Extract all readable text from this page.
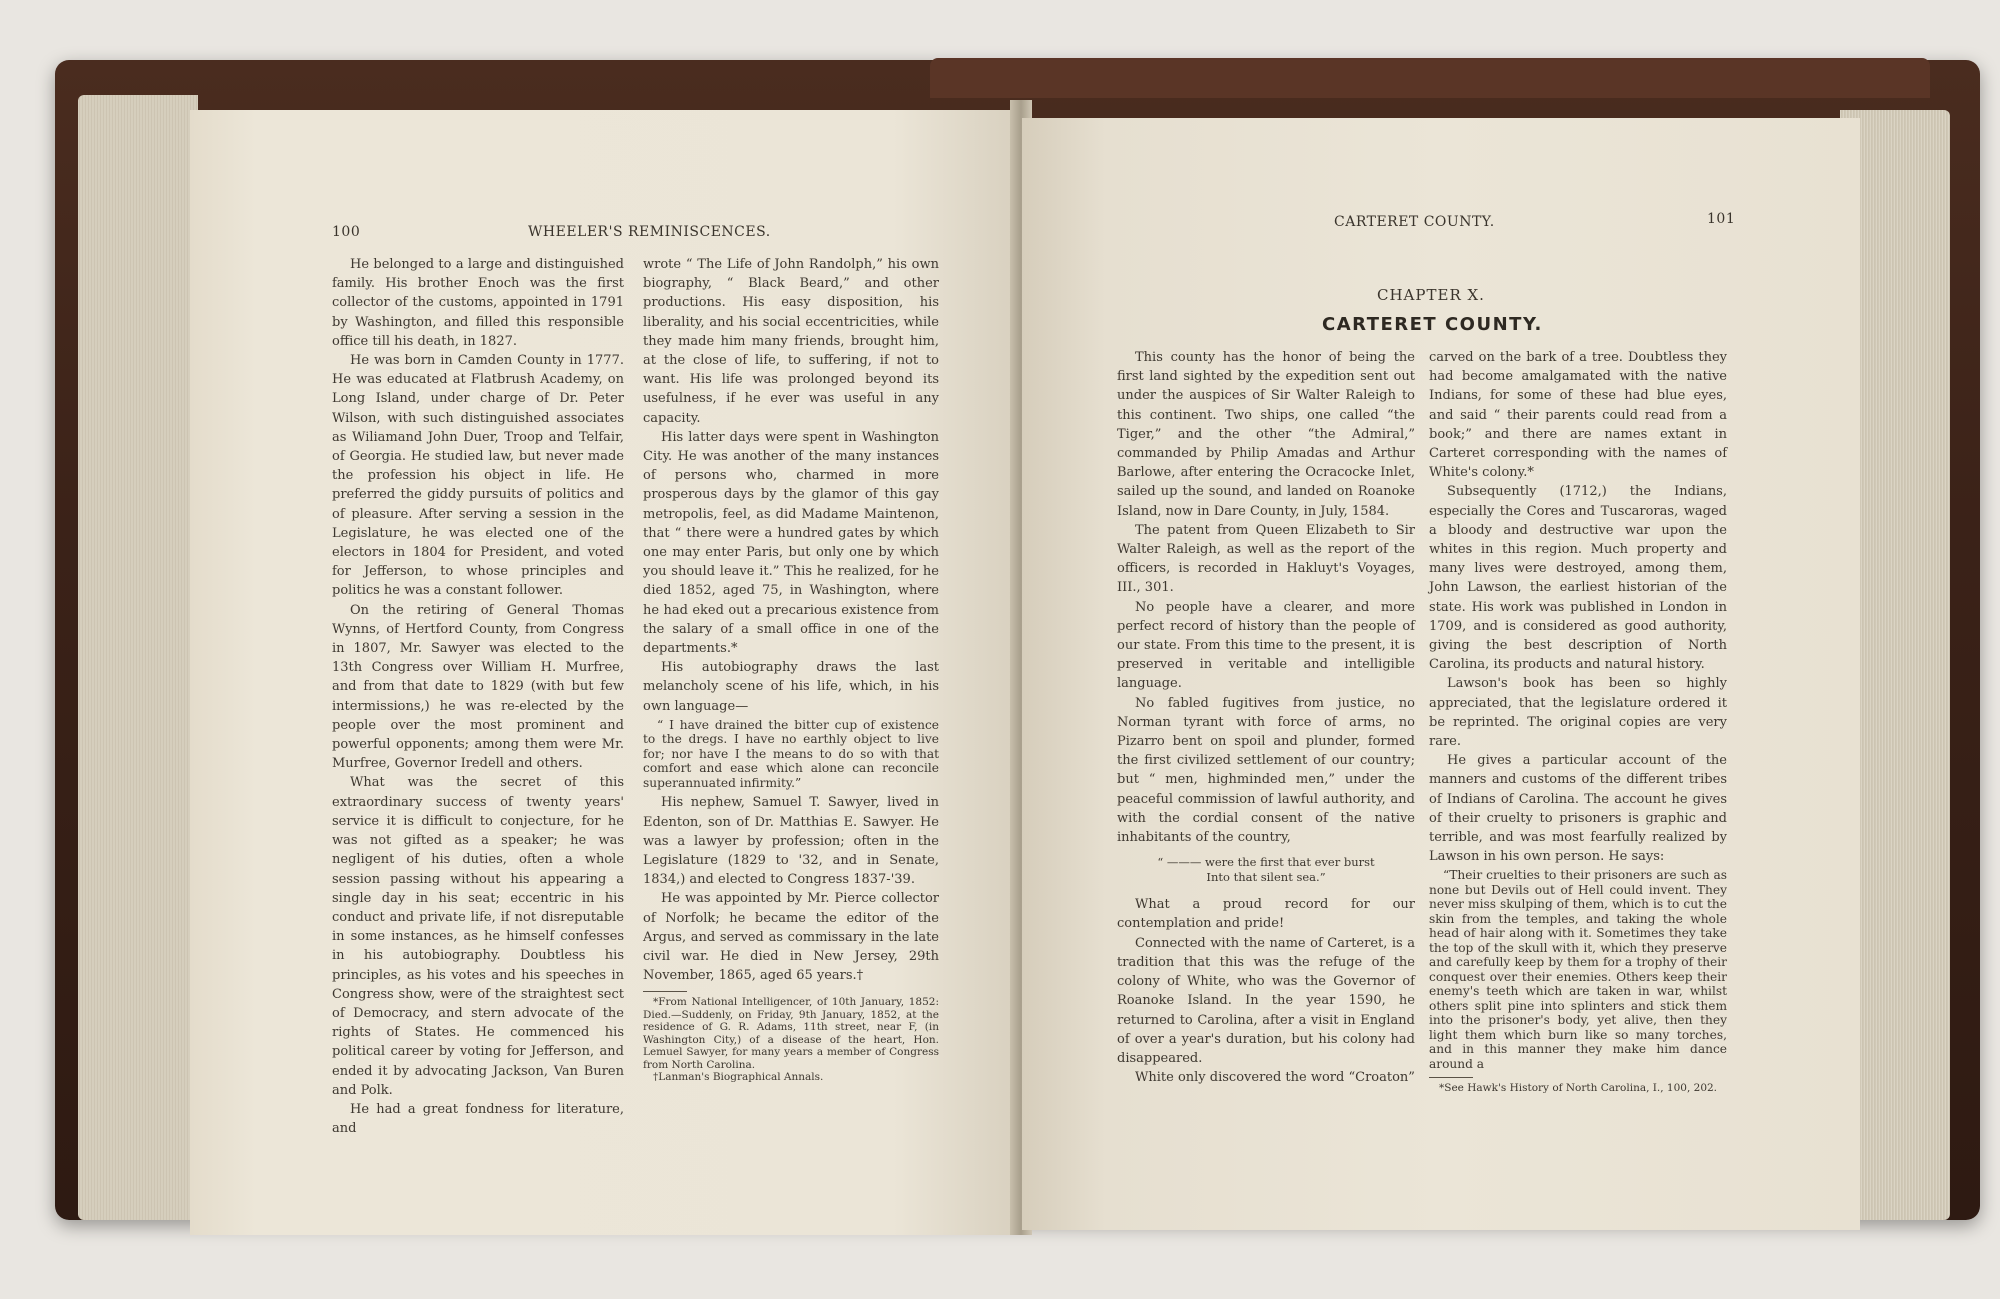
100	WHEELER'S REMINISCENCES.

He belonged to a large and distinguished family. His brother Enoch was the first collector of the customs, appointed in 1791 by Washington, and filled this responsible office till his death, in 1827.

He was born in Camden County in 1777. He was educated at Flatbrush Academy, on Long Island, under charge of Dr. Peter Wilson, with such distinguished associates as Wiliamand John Duer, Troop and Telfair, of Georgia. He studied law, but never made the profession his object in life. He preferred the giddy pursuits of politics and of pleasure. After serving a session in the Legislature, he was elected one of the electors in 1804 for President, and voted for Jefferson, to whose principles and politics he was a constant follower.

On the retiring of General Thomas Wynns, of Hertford County, from Congress in 1807, Mr. Sawyer was elected to the 13th Congress over William H. Murfree, and from that date to 1829 (with but few intermissions,) he was re-elected by the people over the most prominent and powerful opponents; among them were Mr. Murfree, Governor Iredell and others.

What was the secret of this extraordinary success of twenty years' service it is difficult to conjecture, for he was not gifted as a speaker; he was negligent of his duties, often a whole session passing without his appearing a single day in his seat; eccentric in his conduct and private life, if not disreputable in some instances, as he himself confesses in his autobiography. Doubtless his principles, as his votes and his speeches in Congress show, were of the straightest sect of Democracy, and stern advocate of the rights of States. He commenced his political career by voting for Jefferson, and ended it by advocating Jackson, Van Buren and Polk.

He had a great fondness for literature, and

wrote “ The Life of John Randolph,” his own biography, “ Black Beard,” and other productions. His easy disposition, his liberality, and his social eccentricities, while they made him many friends, brought him, at the close of life, to suffering, if not to want. His life was prolonged beyond its usefulness, if he ever was useful in any capacity.

His latter days were spent in Washington City. He was another of the many instances of persons who, charmed in more prosperous days by the glamor of this gay metropolis, feel, as did Madame Maintenon, that “ there were a hundred gates by which one may enter Paris, but only one by which you should leave it.” This he realized, for he died 1852, aged 75, in Washington, where he had eked out a precarious existence from the salary of a small office in one of the departments.*

His autobiography draws the last melancholy scene of his life, which, in his own language—

“ I have drained the bitter cup of existence to the dregs. I have no earthly object to live for; nor have I the means to do so with that comfort and ease which alone can reconcile superannuated infirmity.”

His nephew, Samuel T. Sawyer, lived in Edenton, son of Dr. Matthias E. Sawyer. He was a lawyer by profession; often in the Legislature (1829 to '32, and in Senate, 1834,) and elected to Congress 1837-'39.

He was appointed by Mr. Pierce collector of Norfolk; he became the editor of the Argus, and served as commissary in the late civil war. He died in New Jersey, 29th November, 1865, aged 65 years.†

*From National Intelligencer, of 10th January, 1852: Died.—Suddenly, on Friday, 9th January, 1852, at the residence of G. R. Adams, 11th street, near F, (in Washington City,) of a disease of the heart, Hon. Lemuel Sawyer, for many years a member of Congress from North Carolina.

†Lanman's Biographical Annals.

CARTERET COUNTY.	101
CHAPTER X.
CARTERET COUNTY.

This county has the honor of being the first land sighted by the expedition sent out under the auspices of Sir Walter Raleigh to this continent. Two ships, one called “the Tiger,” and the other “the Admiral,” commanded by Philip Amadas and Arthur Barlowe, after entering the Ocracocke Inlet, sailed up the sound, and landed on Roanoke Island, now in Dare County, in July, 1584.

The patent from Queen Elizabeth to Sir Walter Raleigh, as well as the report of the officers, is recorded in Hakluyt's Voyages, III., 301.

No people have a clearer, and more perfect record of history than the people of our state. From this time to the present, it is preserved in veritable and intelligible language.

No fabled fugitives from justice, no Norman tyrant with force of arms, no Pizarro bent on spoil and plunder, formed the first civilized settlement of our country; but “ men, highminded men,” under the peaceful commission of lawful authority, and with the cordial consent of the native inhabitants of the country,

“ ——— were the first that ever burst
Into that silent sea.”

What a proud record for our contemplation and pride!

Connected with the name of Carteret, is a tradition that this was the refuge of the colony of White, who was the Governor of Roanoke Island. In the year 1590, he returned to Carolina, after a visit in England of over a year's duration, but his colony had disappeared.

White only discovered the word “Croaton”

carved on the bark of a tree. Doubtless they had become amalgamated with the native Indians, for some of these had blue eyes, and said “ their parents could read from a book;” and there are names extant in Carteret corresponding with the names of White's colony.*

Subsequently (1712,) the Indians, especially the Cores and Tuscaroras, waged a bloody and destructive war upon the whites in this region. Much property and many lives were destroyed, among them, John Lawson, the earliest historian of the state. His work was published in London in 1709, and is considered as good authority, giving the best description of North Carolina, its products and natural history.

Lawson's book has been so highly appreciated, that the legislature ordered it be reprinted. The original copies are very rare.

He gives a particular account of the manners and customs of the different tribes of Indians of Carolina. The account he gives of their cruelty to prisoners is graphic and terrible, and was most fearfully realized by Lawson in his own person. He says:

“Their cruelties to their prisoners are such as none but Devils out of Hell could invent. They never miss skulping of them, which is to cut the skin from the temples, and taking the whole head of hair along with it. Sometimes they take the top of the skull with it, which they preserve and carefully keep by them for a trophy of their conquest over their enemies. Others keep their enemy's teeth which are taken in war, whilst others split pine into splinters and stick them into the prisoner's body, yet alive, then they light them which burn like so many torches, and in this manner they make him dance around a

*See Hawk's History of North Carolina, I., 100, 202.
